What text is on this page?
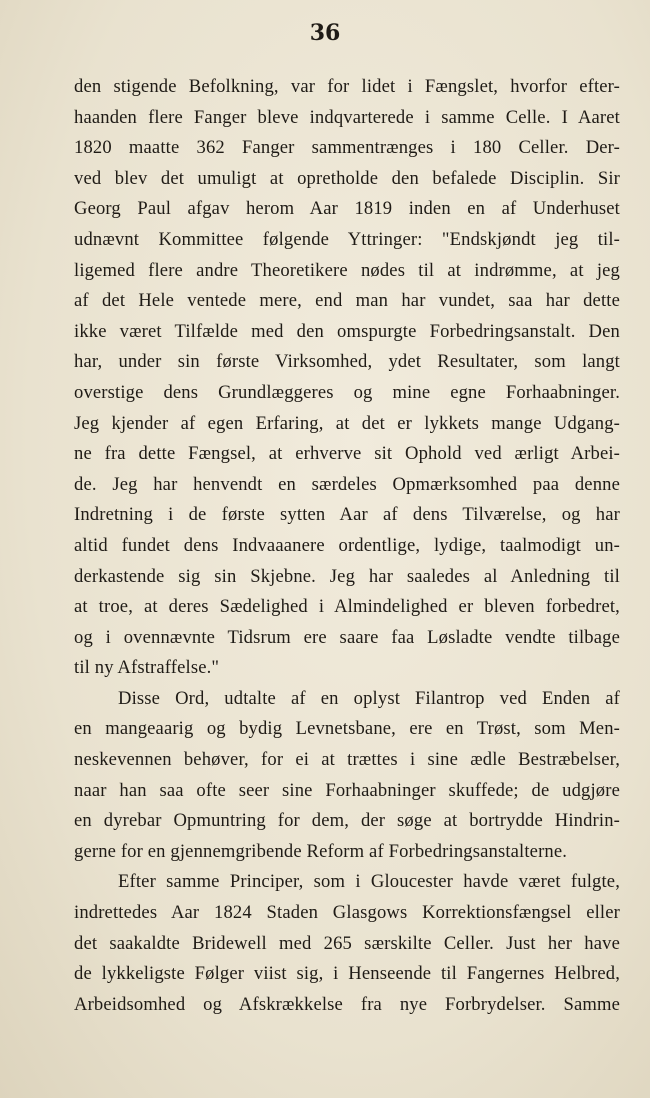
36
den stigende Befolkning, var for lidet i Fængslet, hvorfor efter-
haanden flere Fanger bleve indqvarterede i samme Celle. I Aaret
1820 maatte 362 Fanger sammentrænges i 180 Celler. Der-
ved blev det umuligt at opretholde den befalede Disciplin. Sir
Georg Paul afgav herom Aar 1819 inden en af Underhuset
udnævnt Kommittee følgende Yttringer: "Endskjøndt jeg til-
ligemed flere andre Theoretikere nødes til at indrømme, at jeg
af det Hele ventede mere, end man har vundet, saa har dette
ikke været Tilfælde med den omspurgte Forbedringsanstalt. Den
har, under sin første Virksomhed, ydet Resultater, som langt
overstige dens Grundlæggeres og mine egne Forhaabninger.
Jeg kjender af egen Erfaring, at det er lykkets mange Udgang-
ne fra dette Fængsel, at erhverve sit Ophold ved ærligt Arbei-
de. Jeg har henvendt en særdeles Opmærksomhed paa denne
Indretning i de første sytten Aar af dens Tilværelse, og har
altid fundet dens Indvaaanere ordentlige, lydige, taalmodigt un-
derkastende sig sin Skjebne. Jeg har saaledes al Anledning til
at troe, at deres Sædelighed i Almindelighed er bleven forbedret,
og i ovennævnte Tidsrum ere saare faa Løsladte vendte tilbage
til ny Afstraffelse."
Disse Ord, udtalte af en oplyst Filantrop ved Enden af
en mangeaarig og bydig Levnetsbane, ere en Trøst, som Men-
neskevennen behøver, for ei at trættes i sine ædle Bestræbelser,
naar han saa ofte seer sine Forhaabninger skuffede; de udgjøre
en dyrebar Opmuntring for dem, der søge at bortrydde Hindrin-
gerne for en gjennemgribende Reform af Forbedringsanstalterne.
Efter samme Principer, som i Gloucester havde været fulgte,
indrettedes Aar 1824 Staden Glasgows Korrektionsfængsel eller
det saakaldte Bridewell med 265 særskilte Celler. Just her have
de lykkeligste Følger viist sig, i Henseende til Fangernes Helbred,
Arbeidsomhed og Afskrækkelse fra nye Forbrydelser. Samme
